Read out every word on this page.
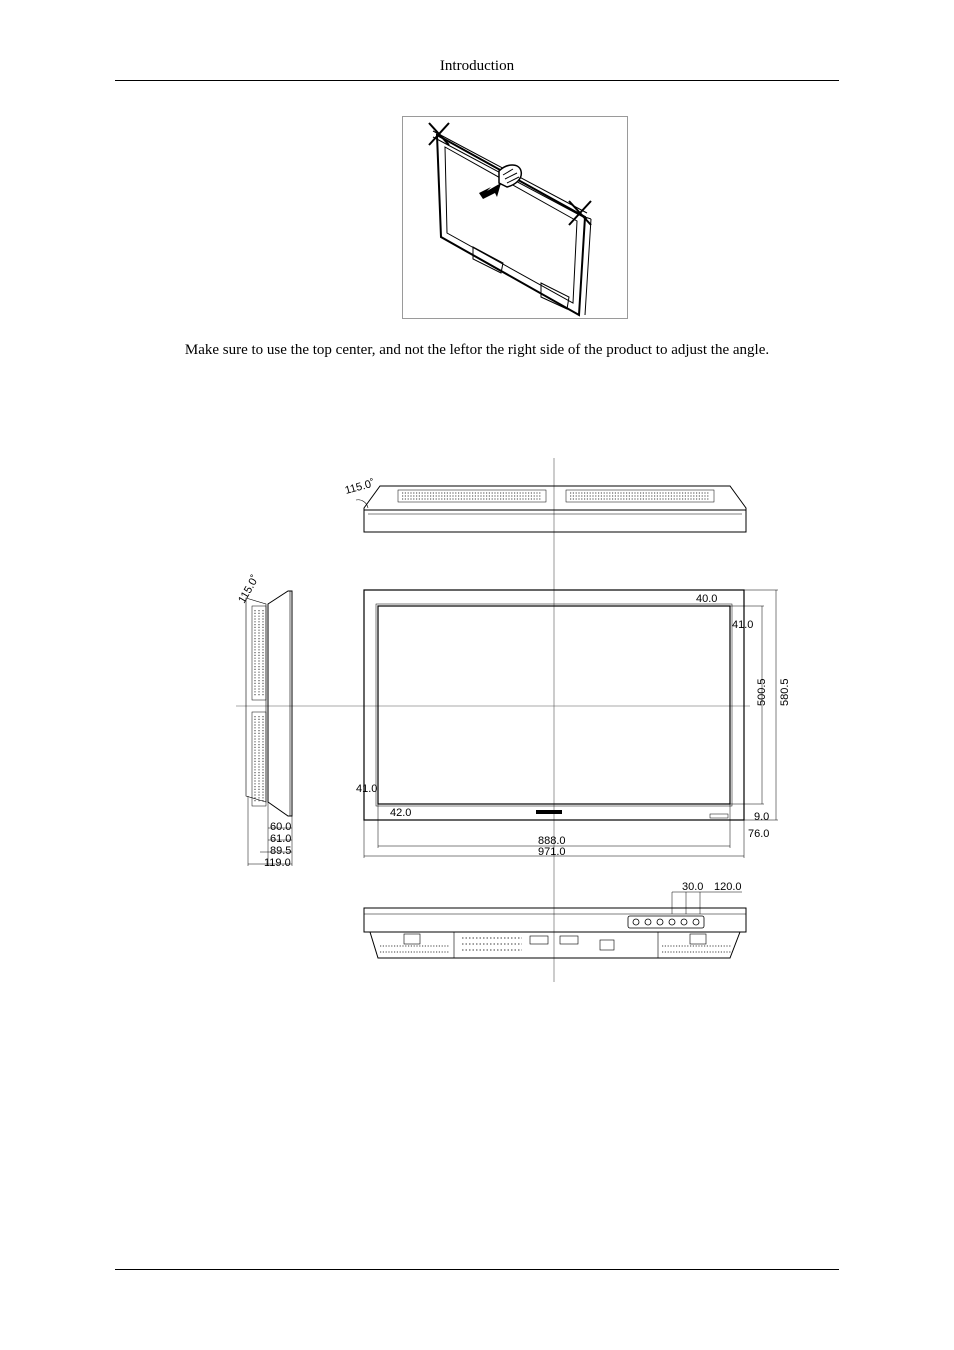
Introduction
Make sure to use the top center, and not the leftor the right side of the product to adjust the angle.
115.0˚
115.0˚
60.0
61.0
89.5
119.0
500.5 580.5
40.0
41.0
41.0
42.0	9.0
76.0
888.0
971.0
30.0 120.0
